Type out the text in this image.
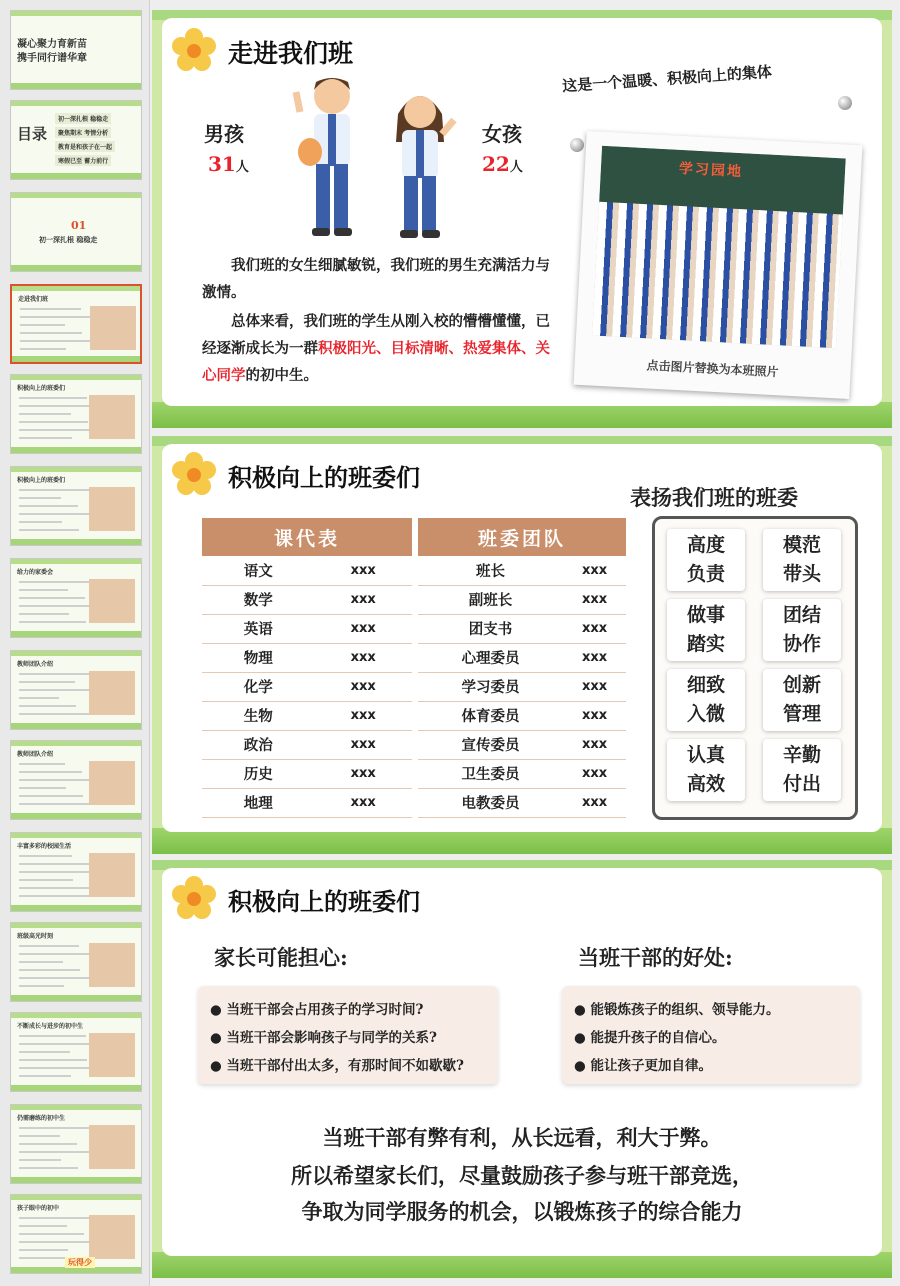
凝心聚力育新苗
携手同行谱华章
目录
初一深扎根 稳稳走
聚焦期末 考情分析
教育是和孩子在一起
寒假已至 蓄力前行
01
初一深扎根 稳稳走
走进我们班
积极向上的班委们
积极向上的班委们
给力的家委会
教师团队介绍
教师团队介绍
丰富多彩的校园生活
班级高光时刻
不断成长与进步的初中生
仍需磨练的初中生
孩子眼中的初中
玩得少
走进我们班
男孩
31人
女孩
22人
我们班的女生细腻敏锐，我们班的男生充满活力与激情。
总体来看，我们班的学生从刚入校的懵懵懂懂，已经逐渐成长为一群积极阳光、目标清晰、热爱集体、关心同学的初中生。
这是一个温暖、积极向上的集体
学习园地
点击图片替换为本班照片
积极向上的班委们
课代表	
语文	xxx
数学	xxx
英语	xxx
物理	xxx
化学	xxx
生物	xxx
政治	xxx
历史	xxx
地理	xxx
班委团队	
班长	xxx
副班长	xxx
团支书	xxx
心理委员	xxx
学习委员	xxx
体育委员	xxx
宣传委员	xxx
卫生委员	xxx
电教委员	xxx
表扬我们班的班委
高度
负责
模范
带头
做事
踏实
团结
协作
细致
入微
创新
管理
认真
高效
辛勤
付出
积极向上的班委们
家长可能担心:	当班干部的好处:
● 当班干部会占用孩子的学习时间?
● 当班干部会影响孩子与同学的关系?
● 当班干部付出太多，有那时间不如歇歇?
● 能锻炼孩子的组织、领导能力。
● 能提升孩子的自信心。
● 能让孩子更加自律。
当班干部有弊有利，从长远看，利大于弊。
所以希望家长们，尽量鼓励孩子参与班干部竞选，
争取为同学服务的机会，以锻炼孩子的综合能力
